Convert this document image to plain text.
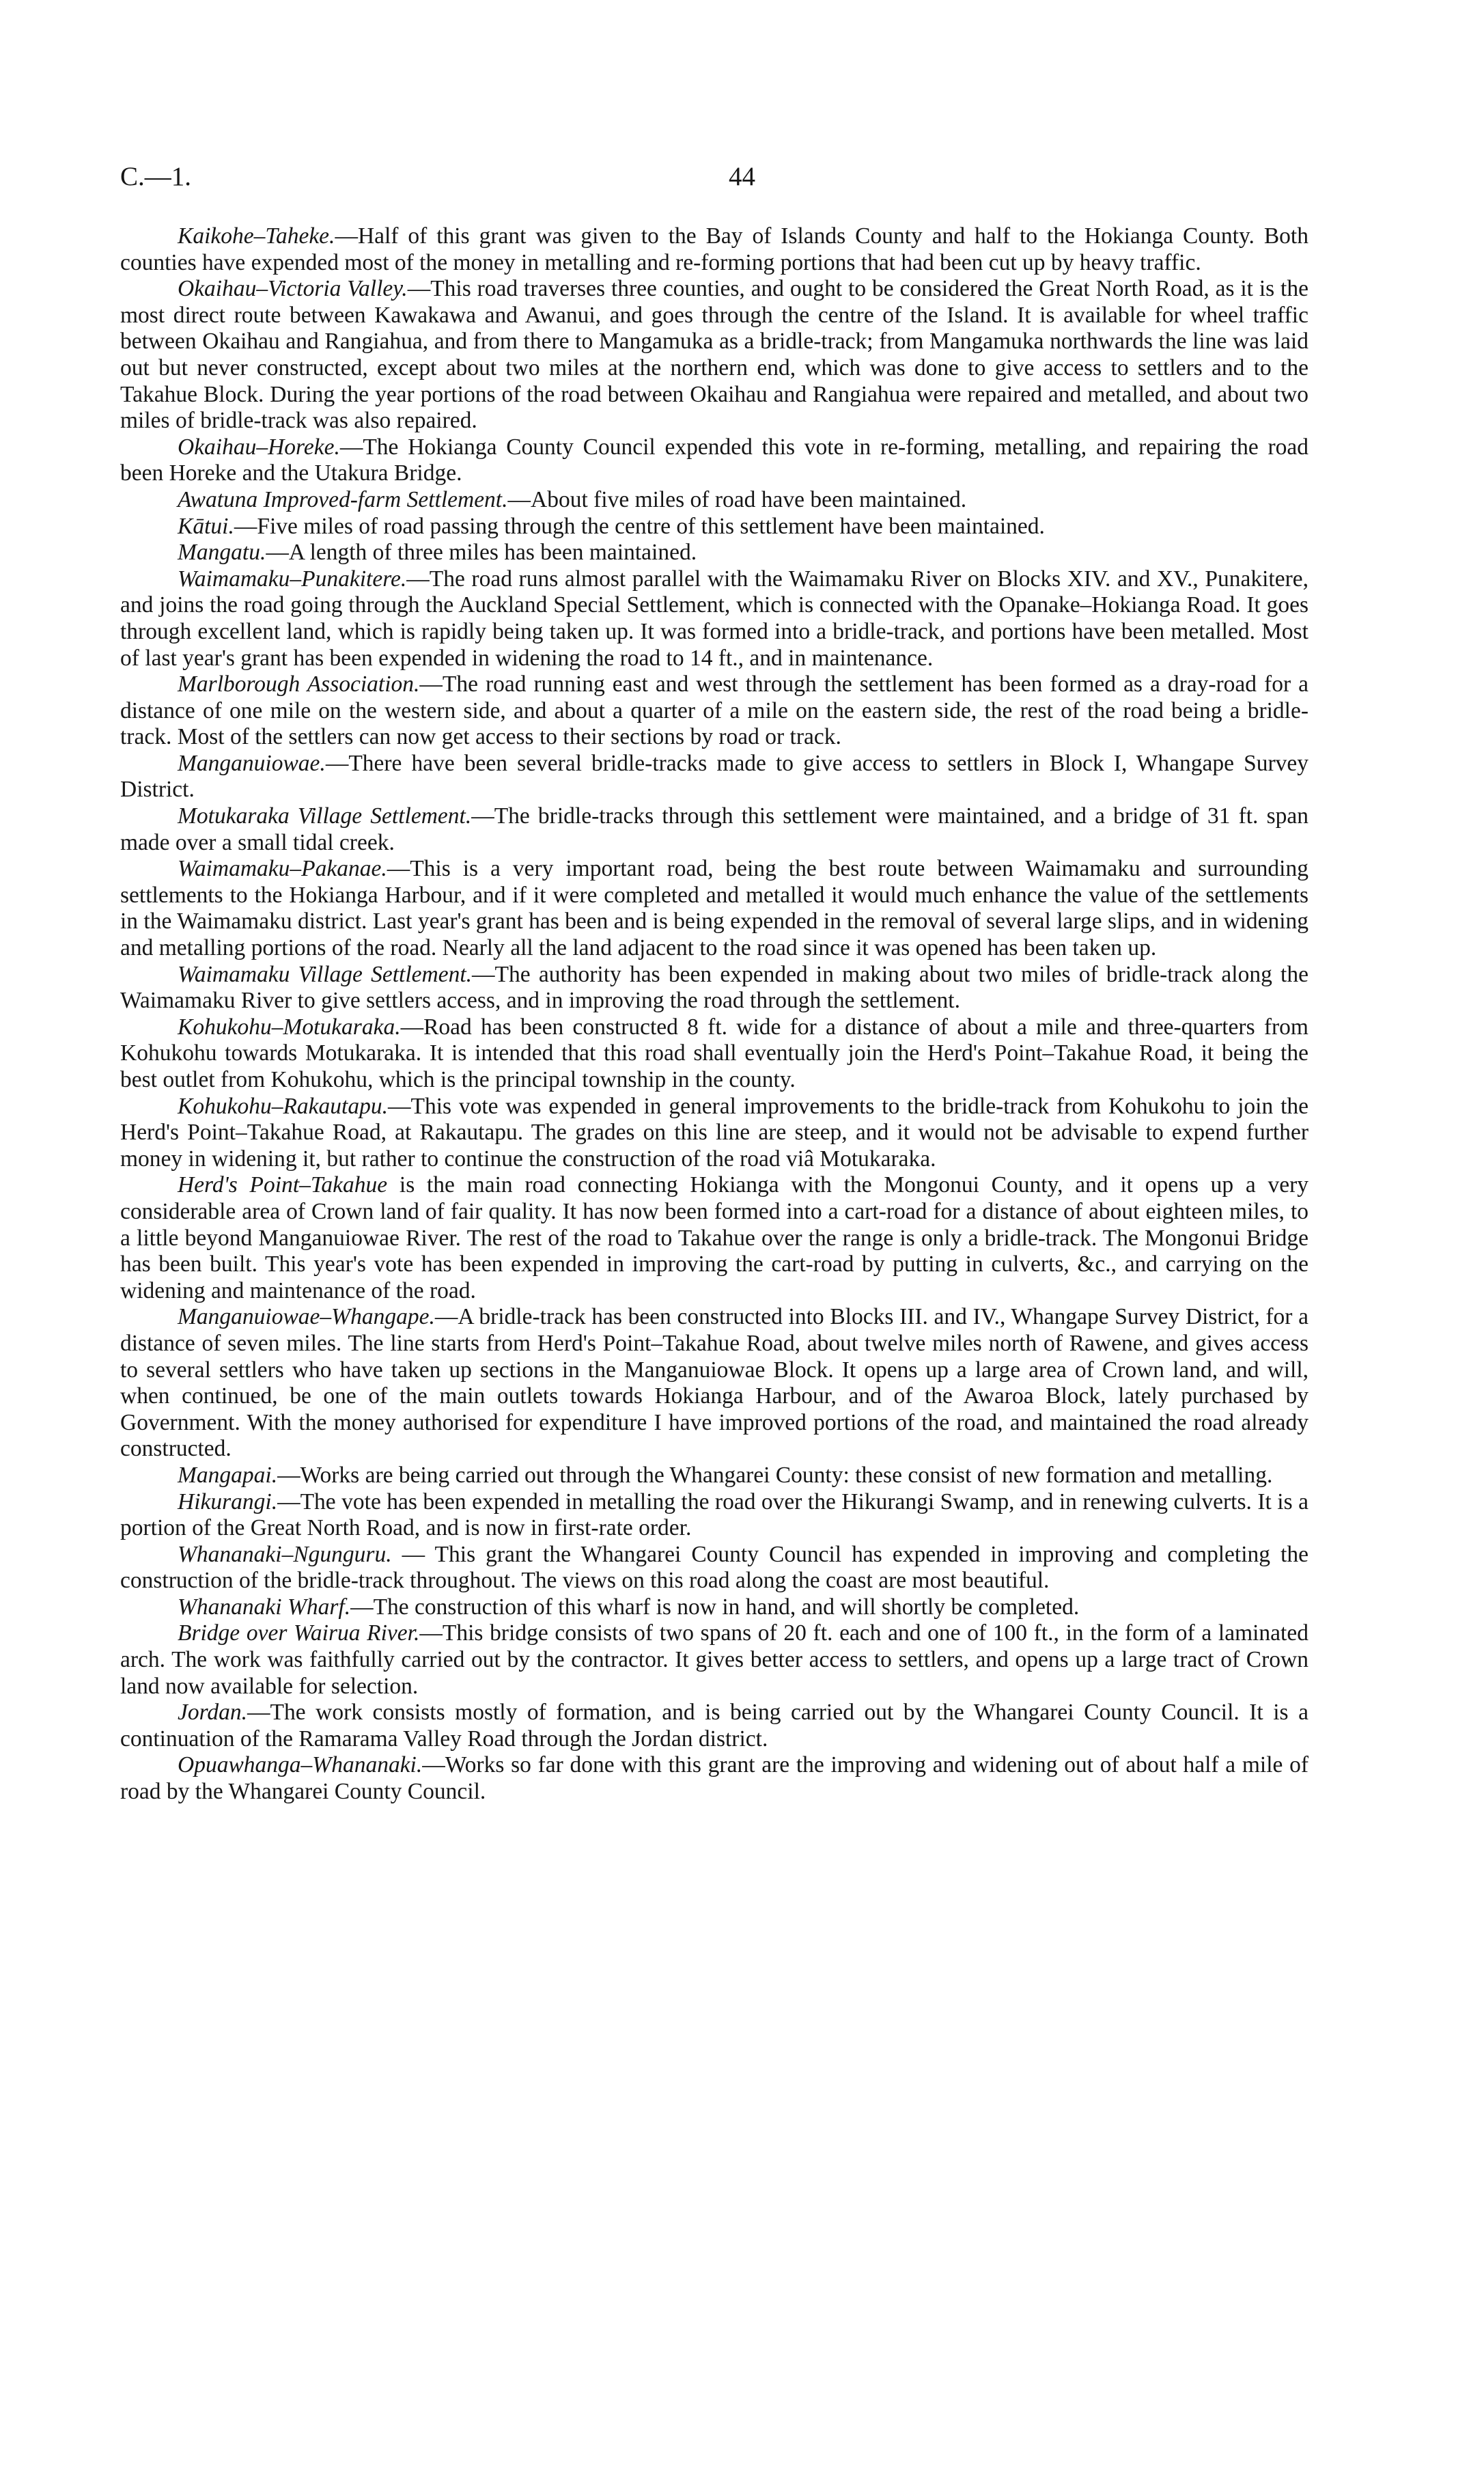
C.—1.	44

Kaikohe–Taheke.—Half of this grant was given to the Bay of Islands County and half to the Hokianga County. Both counties have expended most of the money in metalling and re-forming portions that had been cut up by heavy traffic.

Okaihau–Victoria Valley.—This road traverses three counties, and ought to be considered the Great North Road, as it is the most direct route between Kawakawa and Awanui, and goes through the centre of the Island. It is available for wheel traffic between Okaihau and Rangiahua, and from there to Mangamuka as a bridle-track; from Mangamuka northwards the line was laid out but never constructed, except about two miles at the northern end, which was done to give access to settlers and to the Takahue Block. During the year portions of the road between Okaihau and Rangiahua were repaired and metalled, and about two miles of bridle-track was also repaired.

Okaihau–Horeke.—The Hokianga County Council expended this vote in re-forming, metalling, and repairing the road been Horeke and the Utakura Bridge.

Awatuna Improved-farm Settlement.—About five miles of road have been maintained.

Kātui.—Five miles of road passing through the centre of this settlement have been maintained.

Mangatu.—A length of three miles has been maintained.

Waimamaku–Punakitere.—The road runs almost parallel with the Waimamaku River on Blocks XIV. and XV., Punakitere, and joins the road going through the Auckland Special Settlement, which is connected with the Opanake–Hokianga Road. It goes through excellent land, which is rapidly being taken up. It was formed into a bridle-track, and portions have been metalled. Most of last year's grant has been expended in widening the road to 14 ft., and in maintenance.

Marlborough Association.—The road running east and west through the settlement has been formed as a dray-road for a distance of one mile on the western side, and about a quarter of a mile on the eastern side, the rest of the road being a bridle-track. Most of the settlers can now get access to their sections by road or track.

Manganuiowae.—There have been several bridle-tracks made to give access to settlers in Block I, Whangape Survey District.

Motukaraka Village Settlement.—The bridle-tracks through this settlement were maintained, and a bridge of 31 ft. span made over a small tidal creek.

Waimamaku–Pakanae.—This is a very important road, being the best route between Waimamaku and surrounding settlements to the Hokianga Harbour, and if it were completed and metalled it would much enhance the value of the settlements in the Waimamaku district. Last year's grant has been and is being expended in the removal of several large slips, and in widening and metalling portions of the road. Nearly all the land adjacent to the road since it was opened has been taken up.

Waimamaku Village Settlement.—The authority has been expended in making about two miles of bridle-track along the Waimamaku River to give settlers access, and in improving the road through the settlement.

Kohukohu–Motukaraka.—Road has been constructed 8 ft. wide for a distance of about a mile and three-quarters from Kohukohu towards Motukaraka. It is intended that this road shall eventually join the Herd's Point–Takahue Road, it being the best outlet from Kohukohu, which is the principal township in the county.

Kohukohu–Rakautapu.—This vote was expended in general improvements to the bridle-track from Kohukohu to join the Herd's Point–Takahue Road, at Rakautapu. The grades on this line are steep, and it would not be advisable to expend further money in widening it, but rather to continue the construction of the road viâ Motukaraka.

Herd's Point–Takahue is the main road connecting Hokianga with the Mongonui County, and it opens up a very considerable area of Crown land of fair quality. It has now been formed into a cart-road for a distance of about eighteen miles, to a little beyond Manganuiowae River. The rest of the road to Takahue over the range is only a bridle-track. The Mongonui Bridge has been built. This year's vote has been expended in improving the cart-road by putting in culverts, &c., and carrying on the widening and maintenance of the road.

Manganuiowae–Whangape.—A bridle-track has been constructed into Blocks III. and IV., Whangape Survey District, for a distance of seven miles. The line starts from Herd's Point–Takahue Road, about twelve miles north of Rawene, and gives access to several settlers who have taken up sections in the Manganuiowae Block. It opens up a large area of Crown land, and will, when continued, be one of the main outlets towards Hokianga Harbour, and of the Awaroa Block, lately purchased by Government. With the money authorised for expenditure I have improved portions of the road, and maintained the road already constructed.

Mangapai.—Works are being carried out through the Whangarei County: these consist of new formation and metalling.

Hikurangi.—The vote has been expended in metalling the road over the Hikurangi Swamp, and in renewing culverts. It is a portion of the Great North Road, and is now in first-rate order.

Whananaki–Ngunguru. — This grant the Whangarei County Council has expended in improving and completing the construction of the bridle-track throughout. The views on this road along the coast are most beautiful.

Whananaki Wharf.—The construction of this wharf is now in hand, and will shortly be completed.

Bridge over Wairua River.—This bridge consists of two spans of 20 ft. each and one of 100 ft., in the form of a laminated arch. The work was faithfully carried out by the contractor. It gives better access to settlers, and opens up a large tract of Crown land now available for selection.

Jordan.—The work consists mostly of formation, and is being carried out by the Whangarei County Council. It is a continuation of the Ramarama Valley Road through the Jordan district.

Opuawhanga–Whananaki.—Works so far done with this grant are the improving and widening out of about half a mile of road by the Whangarei County Council.
